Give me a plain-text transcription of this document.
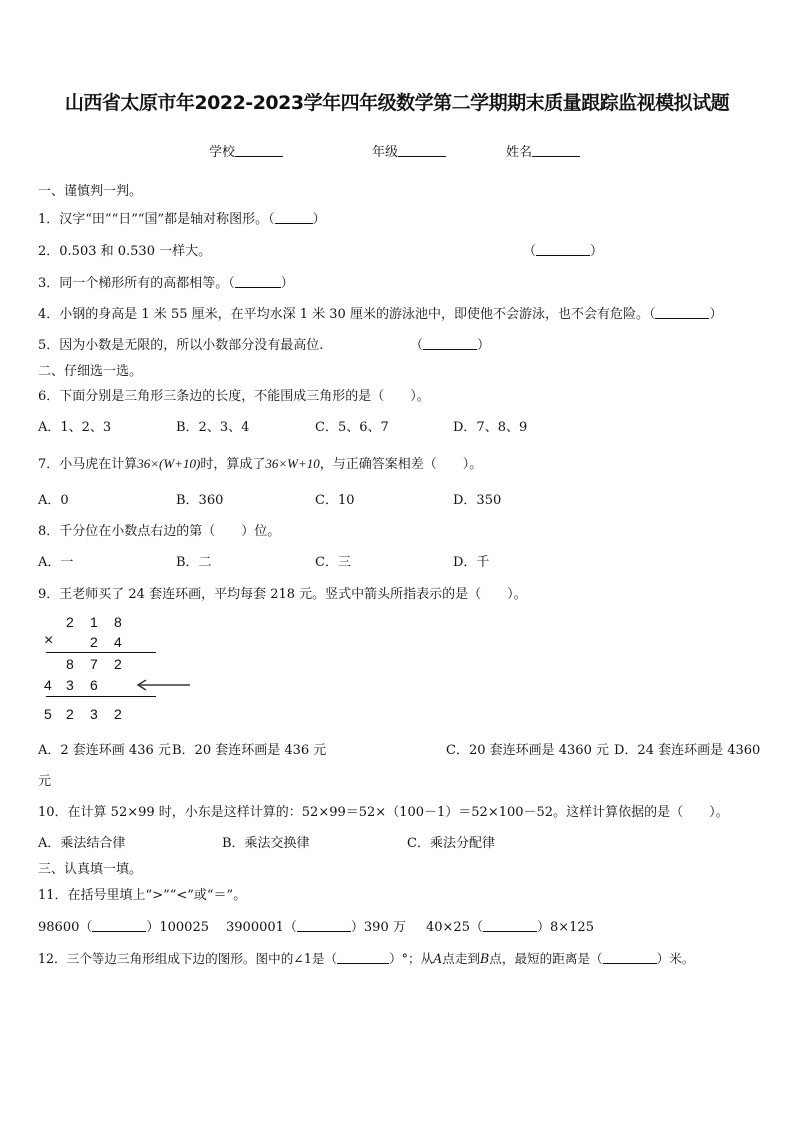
山西省太原市年2022-2023学年四年级数学第二学期期末质量跟踪监视模拟试题
学校	年级	姓名
一、谨慎判一判。
1．汉字“田”“日”“国”都是轴对称图形。（	）
2．0.503 和 0.530 一样大。	（	）
3．同一个梯形所有的高都相等。（	）
4．小钢的身高是 1 米 55 厘米，在平均水深 1 米 30 厘米的游泳池中，即使他不会游泳，也不会有危险。（	）
5．因为小数是无限的，所以小数部分没有最高位.	（	）
二、仔细选一选。
6．下面分别是三角形三条边的长度，不能围成三角形的是（　　）。
A．1、2、3	B．2、3、4	C．5、6、7	D．7、8、9
7．小马虎在计算36×(W+10)时，算成了36×W+10，与正确答案相差（　　）。
A．0	B．360	C．10	D．350
8．千分位在小数点右边的第（　　）位。
A．一	B．二	C．三	D．千
9．王老师买了 24 套连环画，平均每套 218 元。竖式中箭头所指表示的是（　　）。
2 1 8
×	2 4
8 7 2
4 3 6
5 2 3 2
A．2 套连环画 436 元 B．20 套连环画是 436 元	C．20 套连环画是 4360 元 D．24 套连环画是 4360
元
10．在计算 52×99 时，小东是这样计算的：52×99＝52×（100－1）＝52×100－52。这样计算依据的是（　　）。
A．乘法结合律	B．乘法交换律	C．乘法分配律
三、认真填一填。
11．在括号里填上“>”“<”或“＝”。
98600（	）100025 3900001（	）390 万 40×25（	）8×125
12．三个等边三角形组成下边的图形。图中的∠1是（	）°；从A点走到B点，最短的距离是（	）米。
